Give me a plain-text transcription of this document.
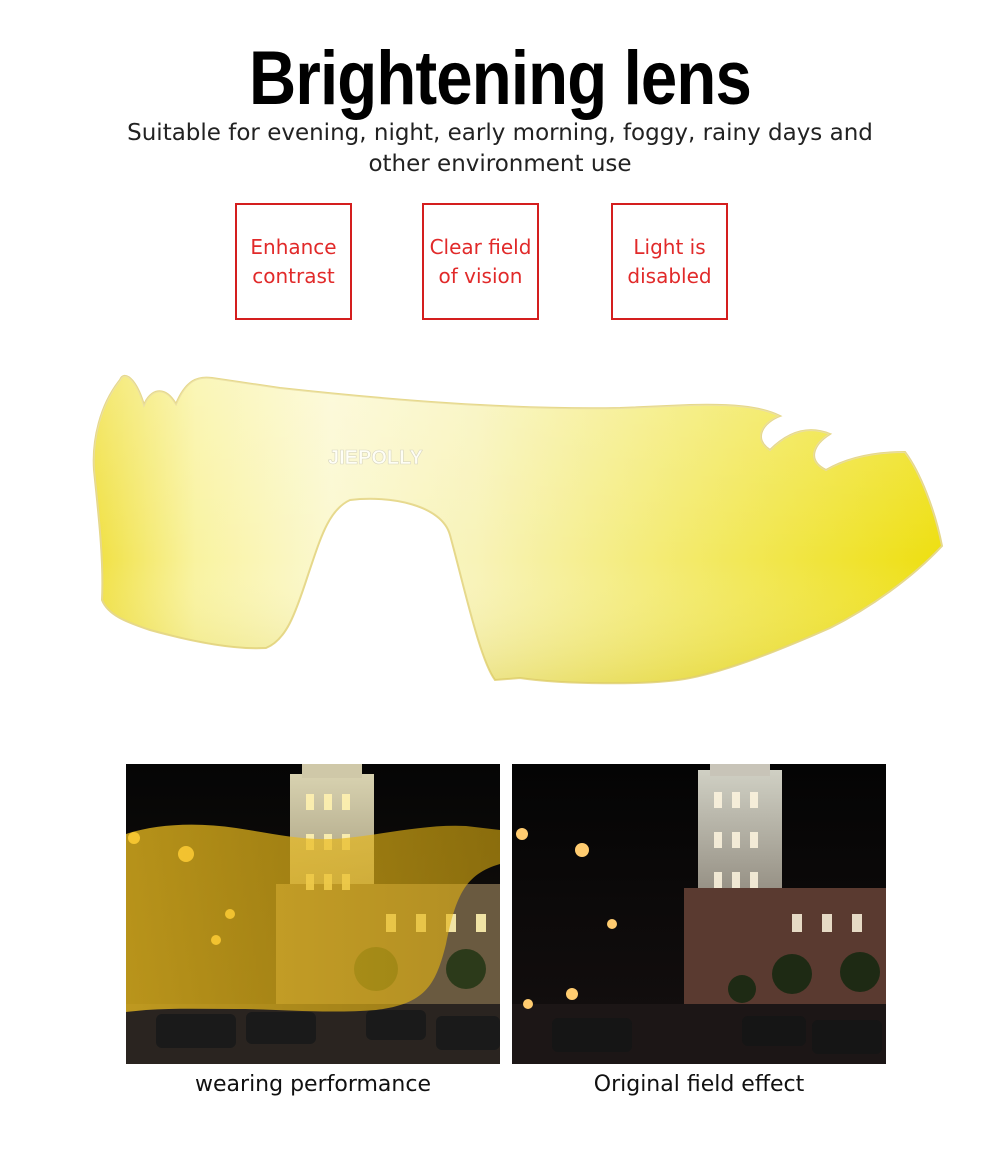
Brightening lens
Suitable for evening, night, early morning, foggy, rainy days and
other environment use
Enhance
contrast
Clear field
of vision
Light is
disabled
JIEPOLLY
wearing performance	Original field effect
